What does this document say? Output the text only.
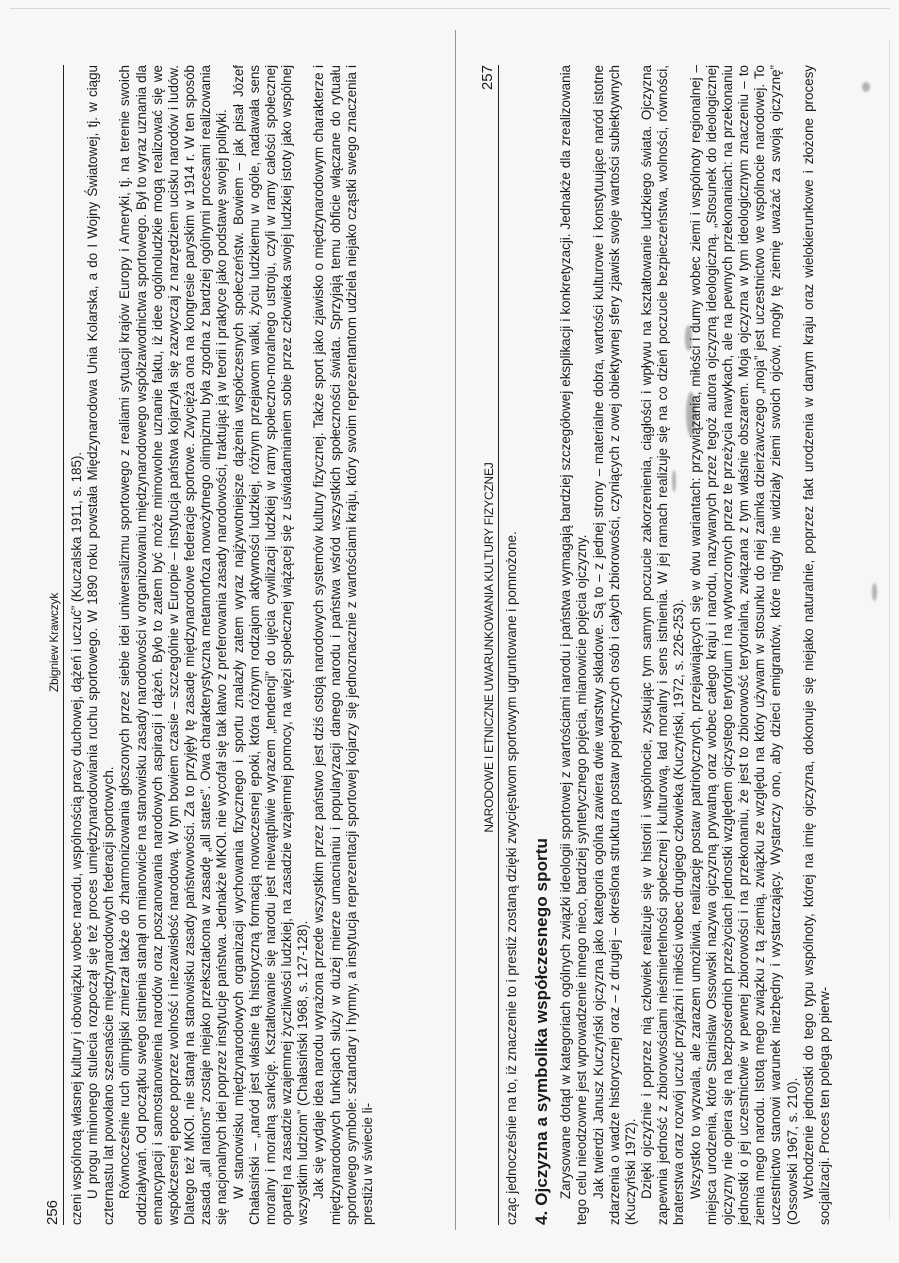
256
Zbigniew Krawczyk czeni wspólnotą własnej kultury i obowiązku wobec narodu, wspólnością pracy duchowej, dążeń i uczuć” (Kuczalska 1911, s. 185). U progu minionego stulecia rozpoczął się też proces umiędzynarodowiania ruchu sportowego. W 1890 roku powstała Międzynarodowa Unia Kolarska, a do I Wojny Światowej, tj. w ciągu czternastu lat powołano szesnaście międzynarodowych federacji sportowych. Równocześnie ruch olimpijski zmierzał także do zharmonizowania głoszonych przez siebie idei uniwersalizmu sportowego z realiami sytuacji krajów Europy i Ameryki, tj. na terenie swoich oddziaływań. Od początku swego istnienia stanął on mianowicie na stanowisku zasady narodowości w organizowaniu międzynarodowego współzawodnictwa sportowego. Był to wyraz uznania dla emancypacji i samostanowienia narodów oraz poszanowania narodowych aspiracji i dążeń. Było to zatem być może mimowolne uznanie faktu, iż idee ogólnoludzkie mogą realizować się we współczesnej epoce poprzez wolność i niezawisłość narodową. W tym bowiem czasie – szczególnie w Europie – instytucja państwa kojarzyła się zazwyczaj z narzędziem ucisku narodów i ludów. Dlatego też MKOl. nie stanął na stanowisku zasady państwowości. Za to przyjęły tę zasadę międzynarodowe federacje sportowe. Zwycięża ona na kongresie paryskim w 1914 r. W ten sposób zasada „all nations” zostaje niejako przekształcona w zasadę „all states”. Owa charakterystyczna metamorfoza nowożytnego olimpizmu była zgodna z bardziej ogólnymi procesami realizowania się nacjonalnych idei poprzez instytucje państwa. Jednakże MKOl. nie wycofał się tak łatwo z preferowania zasady narodowości, traktując ją w teorii i praktyce jako podstawę swojej polityki. W stanowisku międzynarodowych organizacji wychowania fizycznego i sportu znalazły zatem wyraz najżywotniejsze dążenia współczesnych społeczeństw. Bowiem – jak pisał Józef Chałasiński – „naród jest właśnie tą historyczną formacją nowoczesnej epoki, która różnym rodzajom aktywności ludzkiej, różnym przejawom walki, życiu ludzkiemu w ogóle, nadawała sens moralny i moralną sankcję. Kształtowanie się narodu jest niewątpliwie wyrazem „tendencji” do ujęcia cywilizacji ludzkiej w ramy społeczno-moralnego ustroju, czyli w ramy całości społecznej opartej na zasadzie wzajemnej życzliwości ludzkiej, na zasadzie wzajemnej pomocy, na więzi społecznej wiążącej się z uświadamianiem sobie przez człowieka swojej ludzkiej istoty jako wspólnej wszystkim ludziom” (Chałasiński 1968, s. 127-128). Jak się wydaje idea narodu wyrażona przede wszystkim przez państwo jest dziś ostoją narodowych systemów kultury fizycznej. Także sport jako zjawisko o międzynarodowym charakterze i międzynarodowych funkcjach służy w dużej mierze umacnianiu i popularyzacji danego narodu i państwa wśród wszystkich społeczności świata. Sprzyjają temu obficie włączane do rytuału sportowego symbole: sztandary i hymny, a instytucja reprezentacji sportowej kojarzy się jednoznacznie z wartościami kraju, który swoim reprezentantom udziela niejako cząstki swego znaczenia i prestiżu w świecie li-

NARODOWE I ETNICZNE UWARUNKOWANIA KULTURY FIZYCZNEJ
257

cząc jednocześnie na to, iż znaczenie to i prestiż zostaną dzięki zwycięstwom sportowym ugruntowane i pomnożone. 4. Ojczyzna a symbolika współczesnego sportu Zarysowane dotąd w kategoriach ogólnych związki ideologii sportowej z wartościami narodu i państwa wymagają bardziej szczegółowej eksplikacji i konkretyzacji. Jednakże dla zrealizowania tego celu nieodzowne jest wprowadzenie innego nieco, bardziej syntetycznego pojęcia, mianowicie pojęcia ojczyzny. Jak twierdzi Janusz Kuczyński ojczyzna jako kategoria ogólna zawiera dwie warstwy składowe. Są to – z jednej strony – materialne dobra, wartości kulturowe i konstytuujące naród istotne zdarzenia o wadze historycznej oraz – z drugiej – określona struktura postaw pojedynczych osób i całych zbiorowości, czyniących z owej obiektywnej sfery zjawisk swoje wartości subiektywnych (Kuczyński 1972). Dzięki ojczyźnie i poprzez nią człowiek realizuje się w historii i wspólnocie, zyskując tym samym poczucie zakorzenienia, ciągłości i wpływu na kształtowanie ludzkiego świata. Ojczyzna zapewnia jedność z zbiorowościami nieśmiertelności społecznej i kulturową, ład moralny i sens istnienia. W jej ramach realizuje się na co dzień poczucie bezpieczeństwa, wolności, równości, braterstwa oraz rozwój uczuć przyjaźni i miłości wobec drugiego człowieka (Kuczyński, 1972, s. 226-253). Wszystko to wyzwala, ale zarazem umożliwia, realizację postaw patriotycznych, przejawiających się w dwu wariantach: przywiązania, miłości i dumy wobec ziemi i wspólnoty regionalnej – miejsca urodzenia, które Stanisław Ossowski nazywa ojczyzną prywatną oraz wobec całego kraju i narodu, nazywanych przez tegoż autora ojczyzną ideologiczną. „Stosunek do ideologicznej ojczyzny nie opiera się na bezpośrednich przeżyciach jednostki względem ojczystego terytorium i na wytworzonych przez te przeżycia nawykach, ale na pewnych przekonaniach: na przekonaniu jednostki o jej uczestnictwie w pewnej zbiorowości i na przekonaniu, że jest to zbiorowość terytorialna, związana z tym właśnie obszarem. Moja ojczyzna w tym ideologicznym znaczeniu – to ziemia mego narodu. Istotą mego związku z tą ziemią, związku ze względu na który używam w stosunku do niej zaimka dzierżawczego „moja” jest uczestnictwo we wspólnocie narodowej. To uczestnictwo stanowi warunek niezbędny i wystarczający. Wystarczy ono, aby dzieci emigrantów, które nigdy nie widziały ziemi swoich ojców, mogły tę ziemię uważać za swoją ojczyznę” (Ossowski 1967, s. 210). Wchodzenie jednostki do tego typu wspólnoty, której na imię ojczyzna, dokonuje się niejako naturalnie, poprzez fakt urodzenia w danym kraju oraz wielokierunkowe i złożone procesy socjalizacji. Proces ten polega po pierw-
